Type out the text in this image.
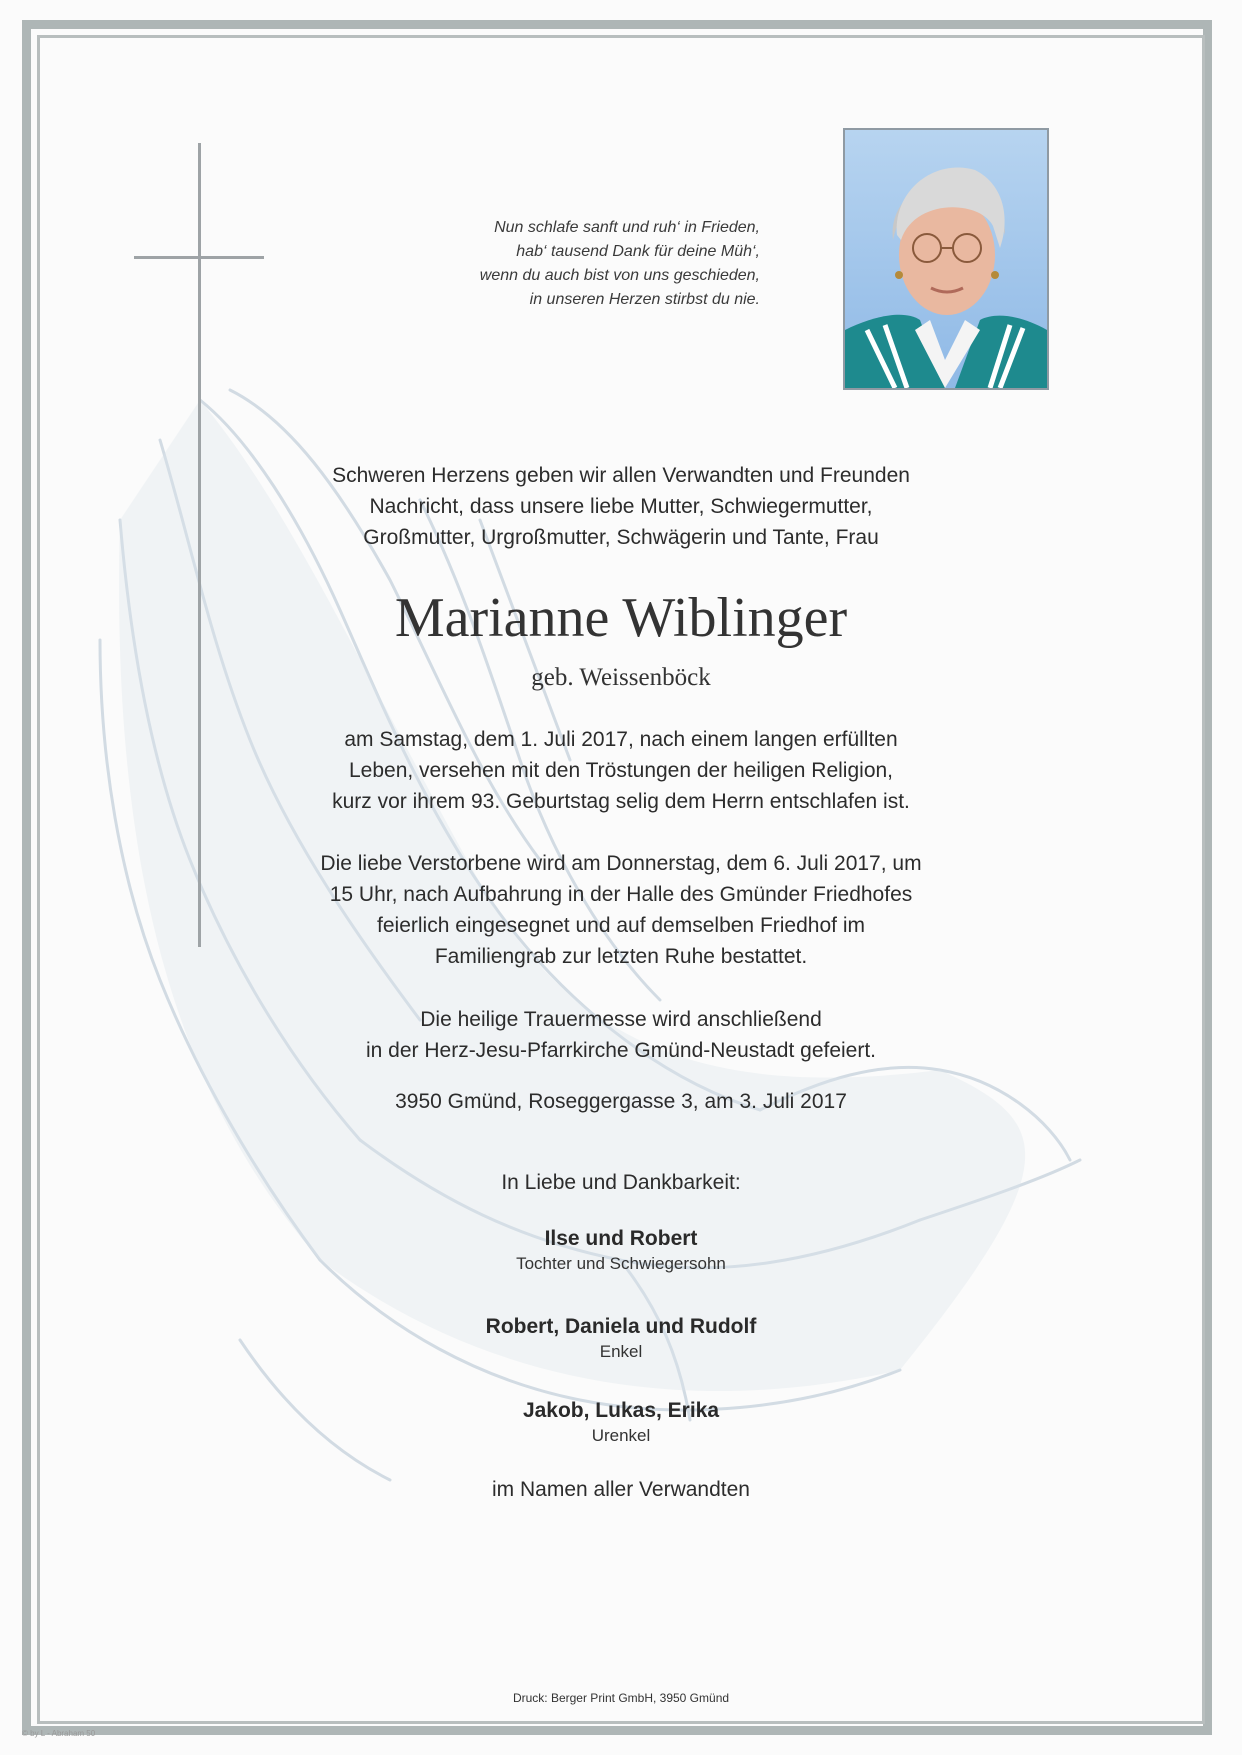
Nun schlafe sanft und ruh‘ in Frieden,
hab‘ tausend Dank für deine Müh‘,
wenn du auch bist von uns geschieden,
in unseren Herzen stirbst du nie.
Schweren Herzens geben wir allen Verwandten und Freunden
Nachricht, dass unsere liebe Mutter, Schwiegermutter,
Großmutter, Urgroßmutter, Schwägerin und Tante, Frau
Marianne Wiblinger
geb. Weissenböck
am Samstag, dem 1. Juli 2017, nach einem langen erfüllten
Leben, versehen mit den Tröstungen der heiligen Religion,
kurz vor ihrem 93. Geburtstag selig dem Herrn entschlafen ist.
Die liebe Verstorbene wird am Donnerstag, dem 6. Juli 2017, um
15 Uhr, nach Aufbahrung in der Halle des Gmünder Friedhofes
feierlich eingesegnet und auf demselben Friedhof im
Familiengrab zur letzten Ruhe bestattet.
Die heilige Trauermesse wird anschließend
in der Herz-Jesu-Pfarrkirche Gmünd-Neustadt gefeiert.
3950 Gmünd, Roseggergasse 3, am 3. Juli 2017
In Liebe und Dankbarkeit:
Ilse und Robert
Tochter und Schwiegersohn
Robert, Daniela und Rudolf
Enkel
Jakob, Lukas, Erika
Urenkel
im Namen aller Verwandten
Druck: Berger Print GmbH, 3950 Gmünd
© by L - Abraham 50
